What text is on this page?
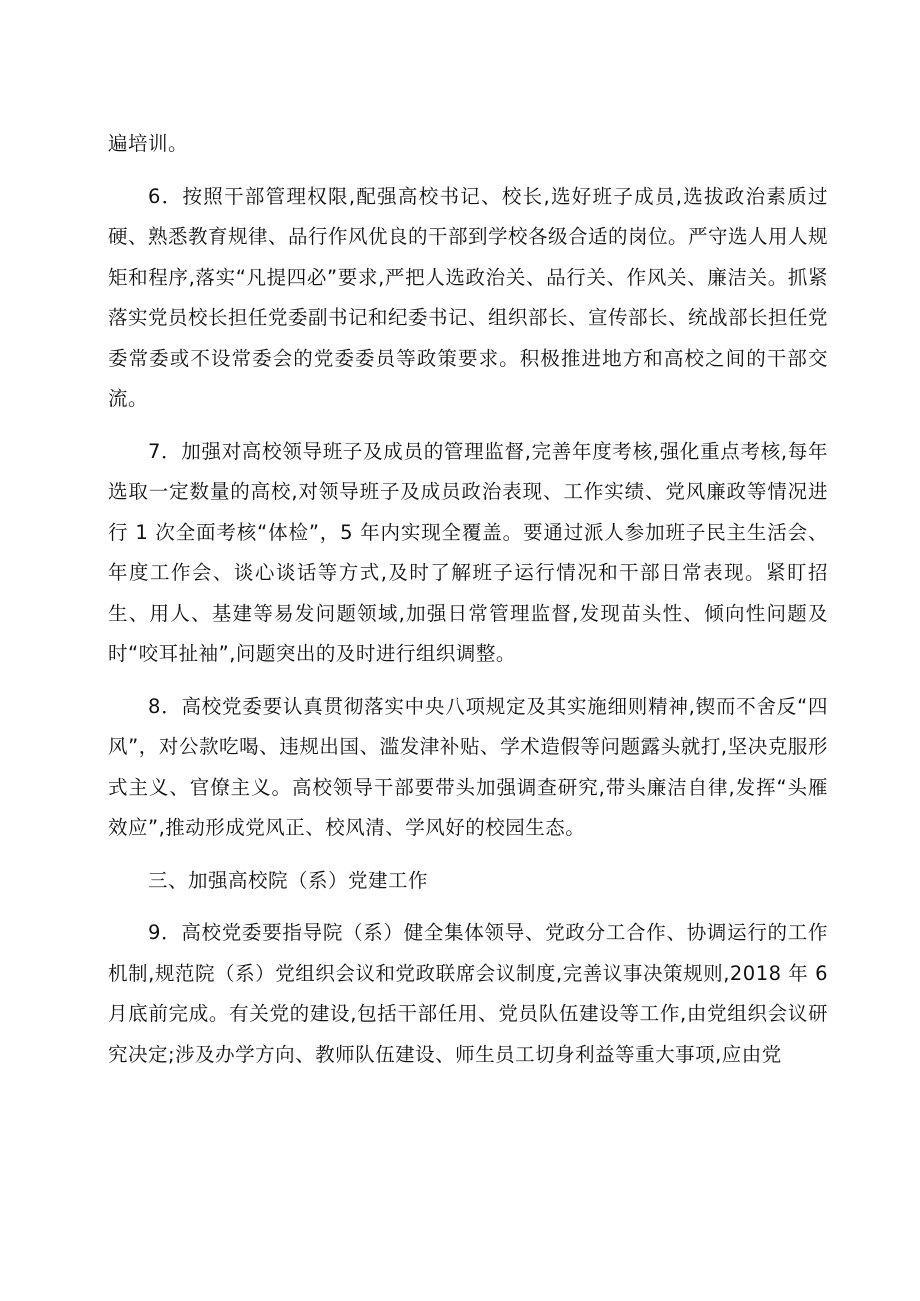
遍培训。

6．按照干部管理权限,配强高校书记、校长,选好班子成员,选拔政治素质过硬、熟悉教育规律、品行作风优良的干部到学校各级合适的岗位。严守选人用人规矩和程序,落实“凡提四必”要求,严把人选政治关、品行关、作风关、廉洁关。抓紧落实党员校长担任党委副书记和纪委书记、组织部长、宣传部长、统战部长担任党委常委或不设常委会的党委委员等政策要求。积极推进地方和高校之间的干部交流。

7．加强对高校领导班子及成员的管理监督,完善年度考核,强化重点考核,每年选取一定数量的高校,对领导班子及成员政治表现、工作实绩、党风廉政等情况进行 1 次全面考核“体检”，5 年内实现全覆盖。要通过派人参加班子民主生活会、年度工作会、谈心谈话等方式,及时了解班子运行情况和干部日常表现。紧盯招生、用人、基建等易发问题领域,加强日常管理监督,发现苗头性、倾向性问题及时“咬耳扯袖”,问题突出的及时进行组织调整。

8．高校党委要认真贯彻落实中央八项规定及其实施细则精神,锲而不舍反“四风”，对公款吃喝、违规出国、滥发津补贴、学术造假等问题露头就打,坚决克服形式主义、官僚主义。高校领导干部要带头加强调查研究,带头廉洁自律,发挥“头雁效应”,推动形成党风正、校风清、学风好的校园生态。

三、加强高校院（系）党建工作

9．高校党委要指导院（系）健全集体领导、党政分工合作、协调运行的工作机制,规范院（系）党组织会议和党政联席会议制度,完善议事决策规则,2018 年 6 月底前完成。有关党的建设,包括干部任用、党员队伍建设等工作,由党组织会议研究决定;涉及办学方向、教师队伍建设、师生员工切身利益等重大事项,应由党
